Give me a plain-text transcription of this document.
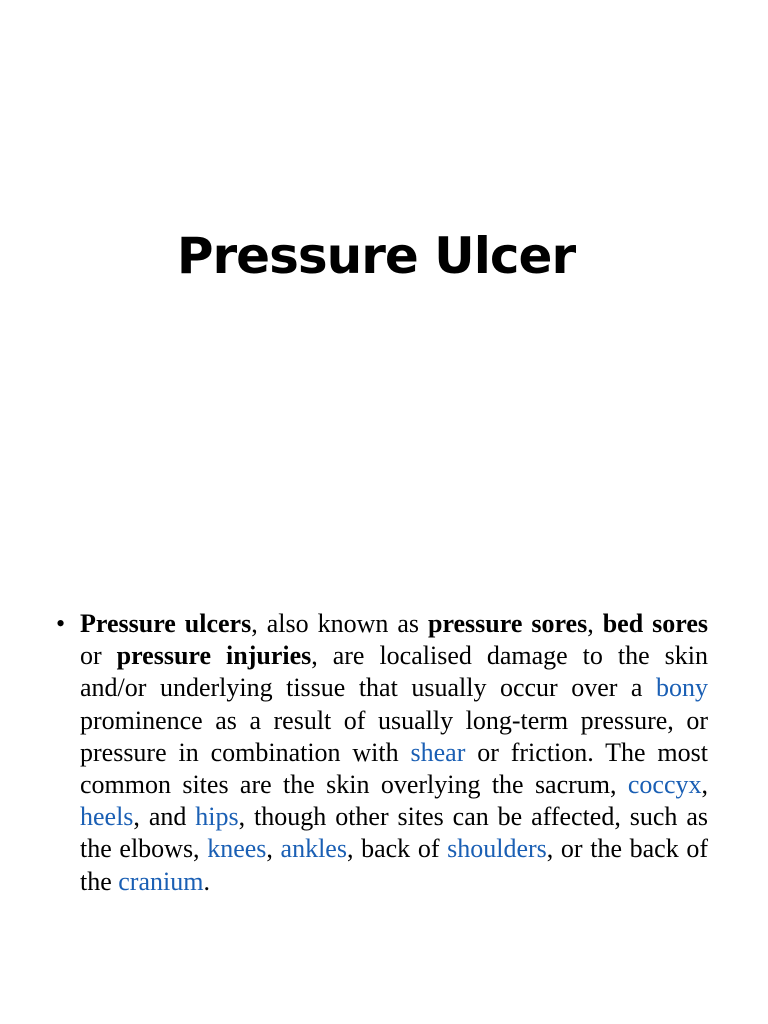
Pressure Ulcer
• Pressure ulcers, also known as pressure sores, bed sores or pressure injuries, are localised damage to the skin and/or underlying tissue that usually occur over a bony prominence as a result of usually long-term pressure, or pressure in combination with shear or friction. The most common sites are the skin overlying the sacrum, coccyx, heels, and hips, though other sites can be affected, such as the elbows, knees, ankles, back of shoulders, or the back of the cranium.
